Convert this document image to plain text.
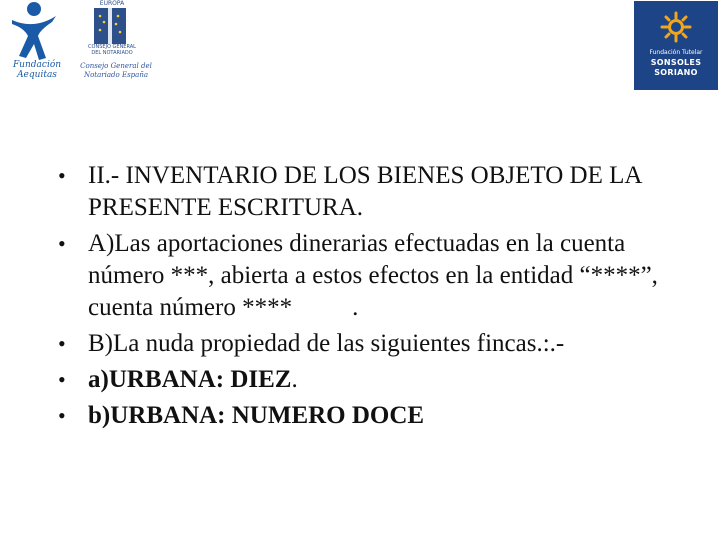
Fundación Aequitas
EUROPA
CONSEJO GENERAL DEL NOTARIADO
Consejo General del Notariado España
Fundación Tutelar
SONSOLES
SORIANO
• II.- INVENTARIO DE LOS BIENES OBJETO DE LA PRESENTE ESCRITURA.
• A)Las aportaciones dinerarias efectuadas en la cuenta número ***, abierta a estos efectos en la entidad “****”, cuenta número **** .
• B)La nuda propiedad de las siguientes fincas.:.-
• a)URBANA: DIEZ.
• b)URBANA: NUMERO DOCE
